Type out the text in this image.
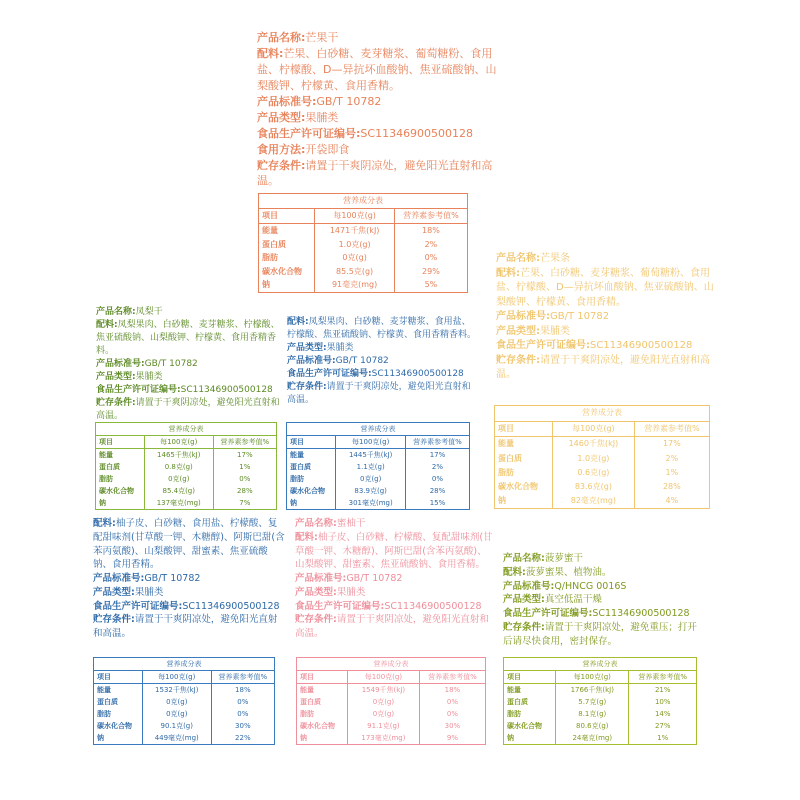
产品名称:芒果干
配料:芒果、白砂糖、麦芽糖浆、葡萄糖粉、食用盐、柠檬酸、D—异抗坏血酸钠、焦亚硫酸钠、山梨酸钾、柠檬黄、食用香精。
产品标准号:GB/T 10782
产品类型:果脯类
食品生产许可证编号:SC11346900500128
食用方法:开袋即食
贮存条件:请置于干爽阴凉处，避免阳光直射和高温。
营养成分表		
项目	每100克(g)	营养素参考值%
能量	1471千焦(kJ)	18%
蛋白质	1.0克(g)	2%
脂肪	0克(g)	0%
碳水化合物	85.5克(g)	29%
钠	91毫克(mg)	5%
产品名称:芒果条
配料:芒果、白砂糖、麦芽糖浆、葡萄糖粉、食用盐、柠檬酸、D—异抗坏血酸钠、焦亚硫酸钠、山梨酸钾、柠檬黄、食用香精。
产品标准号:GB/T 10782
产品类型:果脯类
食品生产许可证编号:SC11346900500128
贮存条件:请置于干爽阴凉处，避免阳光直射和高温。
营养成分表		
项目	每100克(g)	营养素参考值%
能量	1460千焦(kJ)	17%
蛋白质	1.0克(g)	2%
脂肪	0.6克(g)	1%
碳水化合物	83.6克(g)	28%
钠	82毫克(mg)	4%
产品名称:凤梨干
配料:凤梨果肉、白砂糖、麦芽糖浆、柠檬酸、焦亚硫酸钠、山梨酸钾、柠檬黄、食用香精香料。
产品标准号:GB/T 10782
产品类型:果脯类
食品生产许可证编号:SC11346900500128
贮存条件:请置于干爽阴凉处，避免阳光直射和高温。
营养成分表		
项目	每100克(g)	营养素参考值%
能量	1465千焦(kJ)	17%
蛋白质	0.8克(g)	1%
脂肪	0克(g)	0%
碳水化合物	85.4克(g)	28%
钠	137毫克(mg)	7%
配料:凤梨果肉、白砂糖、麦芽糖浆、食用盐、柠檬酸、焦亚硫酸钠、柠檬黄、食用香精香料。
产品类型:果脯类
产品标准号:GB/T 10782
食品生产许可证编号:SC11346900500128
贮存条件:请置于干爽阴凉处，避免阳光直射和高温。
营养成分表		
项目	每100克(g)	营养素参考值%
能量	1445千焦(kJ)	17%
蛋白质	1.1克(g)	2%
脂肪	0克(g)	0%
碳水化合物	83.9克(g)	28%
钠	301毫克(mg)	15%
配料:柚子皮、白砂糖、食用盐、柠檬酸、复配甜味剂(甘草酸一钾、木糖醇)、阿斯巴甜(含苯丙氨酸)、山梨酸钾、甜蜜素、焦亚硫酸钠、食用香精。
产品标准号:GB/T 10782
产品类型:果脯类
食品生产许可证编号:SC11346900500128
贮存条件:请置于干爽阴凉处，避免阳光直射和高温。
营养成分表		
项目	每100克(g)	营养素参考值%
能量	1532千焦(kJ)	18%
蛋白质	0克(g)	0%
脂肪	0克(g)	0%
碳水化合物	90.1克(g)	30%
钠	449毫克(mg)	22%
产品名称:蜜柚干
配料:柚子皮、白砂糖、柠檬酸、复配甜味剂(甘草酸一钾、木糖醇)、阿斯巴甜(含苯丙氨酸)、山梨酸钾、甜蜜素、焦亚硫酸钠、食用香精。
产品标准号:GB/T 10782
产品类型:果脯类
食品生产许可证编号:SC11346900500128
贮存条件:请置于干爽阴凉处，避免阳光直射和高温。
营养成分表		
项目	每100克(g)	营养素参考值%
能量	1549千焦(kJ)	18%
蛋白质	0克(g)	0%
脂肪	0克(g)	0%
碳水化合物	91.1克(g)	30%
钠	173毫克(mg)	9%
产品名称:菠萝蜜干
配料:菠萝蜜果、植物油。
产品标准号:Q/HNCG 0016S
产品类型:真空低温干燥
食品生产许可证编号:SC11346900500128
贮存条件:请置于干爽阴凉处，避免重压；打开后请尽快食用，密封保存。
营养成分表		
项目	每100克(g)	营养素参考值%
能量	1766千焦(kJ)	21%
蛋白质	5.7克(g)	10%
脂肪	8.1克(g)	14%
碳水化合物	80.6克(g)	27%
钠	24毫克(mg)	1%
